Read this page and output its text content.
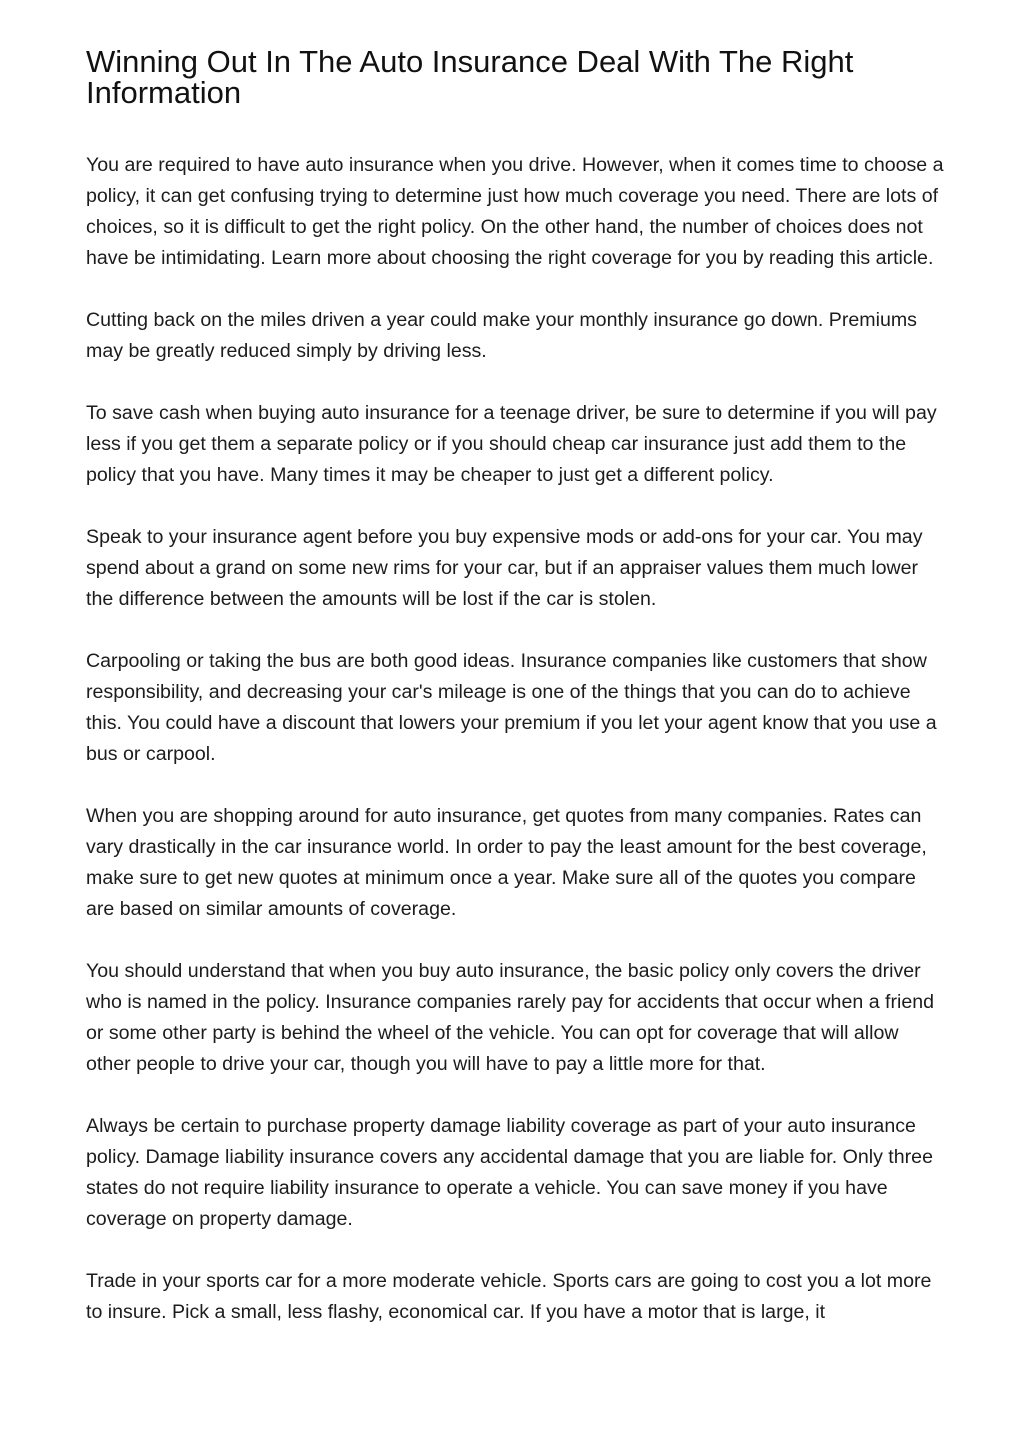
Winning Out In The Auto Insurance Deal With The Right Information

You are required to have auto insurance when you drive. However, when it comes time to choose a policy, it can get confusing trying to determine just how much coverage you need. There are lots of choices, so it is difficult to get the right policy. On the other hand, the number of choices does not have be intimidating. Learn more about choosing the right coverage for you by reading this article.

Cutting back on the miles driven a year could make your monthly insurance go down. Premiums may be greatly reduced simply by driving less.

To save cash when buying auto insurance for a teenage driver, be sure to determine if you will pay less if you get them a separate policy or if you should cheap car insurance just add them to the policy that you have. Many times it may be cheaper to just get a different policy.

Speak to your insurance agent before you buy expensive mods or add-ons for your car. You may spend about a grand on some new rims for your car, but if an appraiser values them much lower the difference between the amounts will be lost if the car is stolen.

Carpooling or taking the bus are both good ideas. Insurance companies like customers that show responsibility, and decreasing your car's mileage is one of the things that you can do to achieve this. You could have a discount that lowers your premium if you let your agent know that you use a bus or carpool.

When you are shopping around for auto insurance, get quotes from many companies. Rates can vary drastically in the car insurance world. In order to pay the least amount for the best coverage, make sure to get new quotes at minimum once a year. Make sure all of the quotes you compare are based on similar amounts of coverage.

You should understand that when you buy auto insurance, the basic policy only covers the driver who is named in the policy. Insurance companies rarely pay for accidents that occur when a friend or some other party is behind the wheel of the vehicle. You can opt for coverage that will allow other people to drive your car, though you will have to pay a little more for that.

Always be certain to purchase property damage liability coverage as part of your auto insurance policy. Damage liability insurance covers any accidental damage that you are liable for. Only three states do not require liability insurance to operate a vehicle. You can save money if you have coverage on property damage.

Trade in your sports car for a more moderate vehicle. Sports cars are going to cost you a lot more to insure. Pick a small, less flashy, economical car. If you have a motor that is large, it
